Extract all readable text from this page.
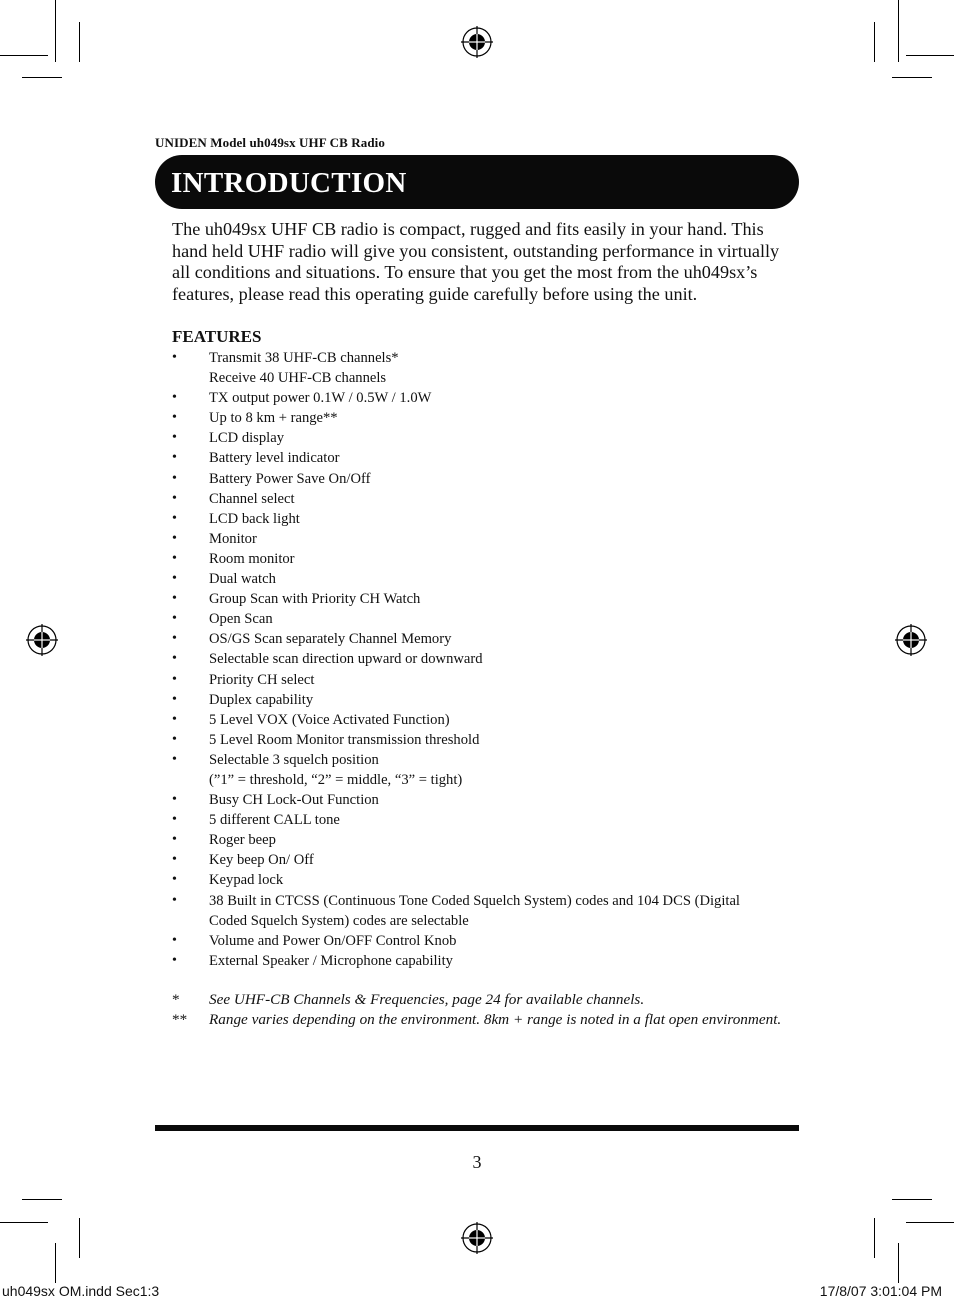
UNIDEN Model uh049sx UHF CB Radio
INTRODUCTION
The uh049sx UHF CB radio is compact, rugged and fits easily in your hand. This hand held UHF radio will give you consistent, outstanding performance in virtually all conditions and situations. To ensure that you get the most from the uh049sx’s features, please read this operating guide carefully before using the unit.
FEATURES
•	Transmit 38 UHF-CB channels*
Receive 40 UHF-CB channels
•	TX output power 0.1W / 0.5W / 1.0W
•	Up to 8 km + range**
•	LCD display
•	Battery level indicator
•	Battery Power Save On/Off
•	Channel select
•	LCD back light
•	Monitor
•	Room monitor
•	Dual watch
•	Group Scan with Priority CH Watch
•	Open Scan
•	OS/GS Scan separately Channel Memory
•	Selectable scan direction upward or downward
•	Priority CH select
•	Duplex capability
•	5 Level VOX (Voice Activated Function)
•	5 Level Room Monitor transmission threshold
•	Selectable 3 squelch position
(”1” = threshold, “2” = middle, “3” = tight)
•	Busy CH Lock-Out Function
•	5 different CALL tone
•	Roger beep
•	Key beep On/ Off
•	Keypad lock
•	38 Built in CTCSS (Continuous Tone Coded Squelch System) codes and 104 DCS (Digital
Coded Squelch System) codes are selectable
•	Volume and Power On/OFF Control Knob
•	External Speaker / Microphone capability
* See UHF-CB Channels & Frequencies, page 24 for available channels.
** Range varies depending on the environment. 8km + range is noted in a flat open environment.
3
uh049sx OM.indd Sec1:3	17/8/07 3:01:04 PM
